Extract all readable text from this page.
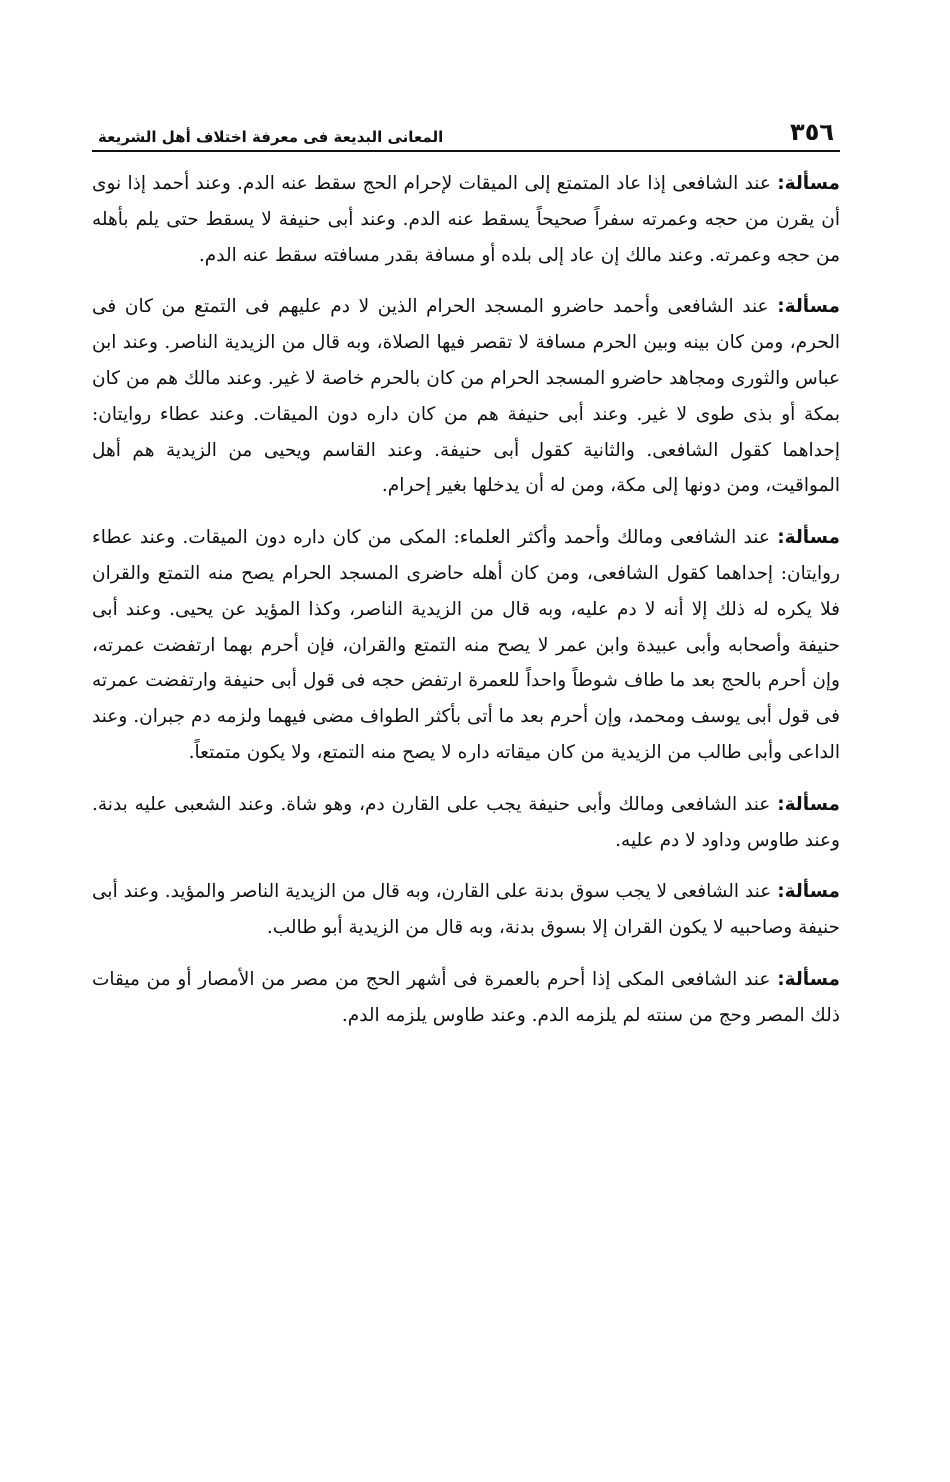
٣٥٦
المعانى البديعة فى معرفة اختلاف أهل الشريعة

مسألة: عند الشافعى إذا عاد المتمتع إلى الميقات لإحرام الحج سقط عنه الدم. وعند أحمد إذا نوى أن يقرن من حجه وعمرته سفراً صحيحاً يسقط عنه الدم. وعند أبى حنيفة لا يسقط حتى يلم بأهله من حجه وعمرته. وعند مالك إن عاد إلى بلده أو مسافة بقدر مسافته سقط عنه الدم.

مسألة: عند الشافعى وأحمد حاضرو المسجد الحرام الذين لا دم عليهم فى التمتع من كان فى الحرم، ومن كان بينه وبين الحرم مسافة لا تقصر فيها الصلاة، وبه قال من الزيدية الناصر. وعند ابن عباس والثورى ومجاهد حاضرو المسجد الحرام من كان بالحرم خاصة لا غير. وعند مالك هم من كان بمكة أو بذى طوى لا غير. وعند أبى حنيفة هم من كان داره دون الميقات. وعند عطاء روايتان: إحداهما كقول الشافعى. والثانية كقول أبى حنيفة. وعند القاسم ويحيى من الزيدية هم أهل المواقيت، ومن دونها إلى مكة، ومن له أن يدخلها بغير إحرام.

مسألة: عند الشافعى ومالك وأحمد وأكثر العلماء: المكى من كان داره دون الميقات. وعند عطاء روايتان: إحداهما كقول الشافعى، ومن كان أهله حاضرى المسجد الحرام يصح منه التمتع والقران فلا يكره له ذلك إلا أنه لا دم عليه، وبه قال من الزيدية الناصر، وكذا المؤيد عن يحيى. وعند أبى حنيفة وأصحابه وأبى عبيدة وابن عمر لا يصح منه التمتع والقران، فإن أحرم بهما ارتفضت عمرته، وإن أحرم بالحج بعد ما طاف شوطاً واحداً للعمرة ارتفض حجه فى قول أبى حنيفة وارتفضت عمرته فى قول أبى يوسف ومحمد، وإن أحرم بعد ما أتى بأكثر الطواف مضى فيهما ولزمه دم جبران. وعند الداعى وأبى طالب من الزيدية من كان ميقاته داره لا يصح منه التمتع، ولا يكون متمتعاً.

مسألة: عند الشافعى ومالك وأبى حنيفة يجب على القارن دم، وهو شاة. وعند الشعبى عليه بدنة. وعند طاوس وداود لا دم عليه.

مسألة: عند الشافعى لا يجب سوق بدنة على القارن، وبه قال من الزيدية الناصر والمؤيد. وعند أبى حنيفة وصاحبيه لا يكون القران إلا بسوق بدنة، وبه قال من الزيدية أبو طالب.

مسألة: عند الشافعى المكى إذا أحرم بالعمرة فى أشهر الحج من مصر من الأمصار أو من ميقات ذلك المصر وحج من سنته لم يلزمه الدم. وعند طاوس يلزمه الدم.
